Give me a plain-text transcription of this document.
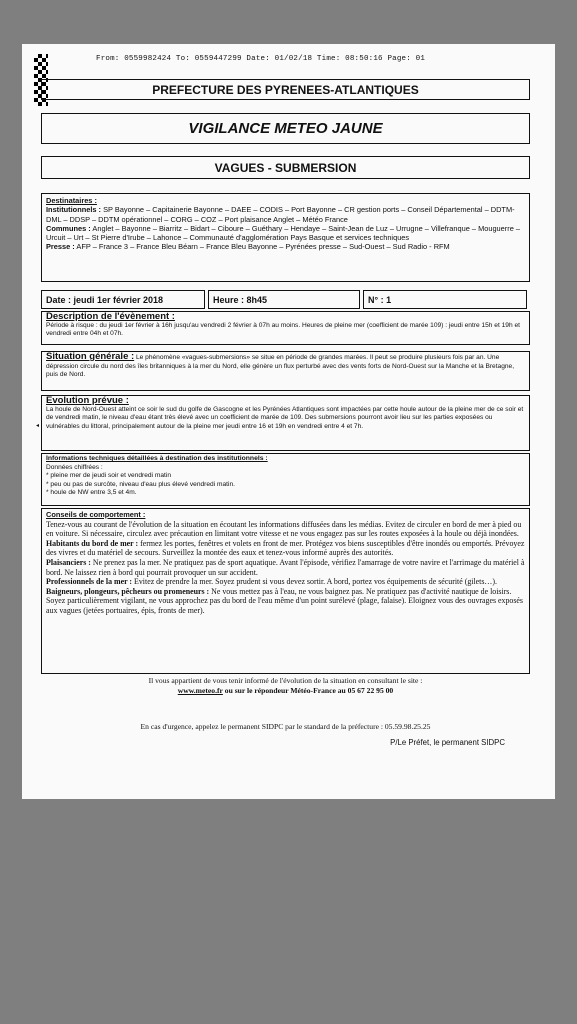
From: 0559982424 To: 0559447299 Date: 01/02/18 Time: 08:50:16 Page: 01
PREFECTURE DES PYRENEES-ATLANTIQUES
VIGILANCE METEO JAUNE
VAGUES - SUBMERSION
Destinataires :
Institutionnels : SP Bayonne – Capitainerie Bayonne – DAEE – CODIS – Port Bayonne – CR gestion ports – Conseil Départemental – DDTM-DML – DDSP – DDTM opérationnel – CORG – COZ – Port plaisance Anglet – Météo France
Communes : Anglet – Bayonne – Biarritz – Bidart – Ciboure – Guéthary – Hendaye – Saint-Jean de Luz – Urrugne – Villefranque – Mouguerre – Urcuit – Urt – St Pierre d'Irube – Lahonce – Communauté d'agglomération Pays Basque et services techniques
Presse : AFP – France 3 – France Bleu Béarn – France Bleu Bayonne – Pyrénées presse – Sud-Ouest – Sud Radio - RFM
Date : jeudi 1er février 2018	Heure : 8h45	N° : 1
Description de l'évènement :
Période à risque : du jeudi 1er février à 16h jusqu'au vendredi 2 février à 07h au moins. Heures de pleine mer (coefficient de marée 109) : jeudi entre 15h et 19h et vendredi entre 04h et 07h.
Situation générale : Le phénomène «vagues-submersions» se situe en période de grandes marées. Il peut se produire plusieurs fois par an. Une dépression circule du nord des îles britanniques à la mer du Nord, elle génère un flux perturbé avec des vents forts de Nord-Ouest sur la Manche et la Bretagne, puis de Nord.
Evolution prévue :
La houle de Nord-Ouest atteint ce soir le sud du golfe de Gascogne et les Pyrénées Atlantiques sont impactées par cette houle autour de la pleine mer de ce soir et de vendredi matin, le niveau d'eau étant très élevé avec un coefficient de marée de 109. Des submersions pourront avoir lieu sur les parties exposées ou vulnérables du littoral, principalement autour de la pleine mer jeudi entre 16 et 19h en vendredi entre 4 et 7h.
◂
Informations techniques détaillées à destination des institutionnels :
Données chiffrées :
* pleine mer de jeudi soir et vendredi matin
* peu ou pas de surcôte, niveau d'eau plus élevé vendredi matin.
* houle de NW entre 3,5 et 4m.
Conseils de comportement :
Tenez-vous au courant de l'évolution de la situation en écoutant les informations diffusées dans les médias. Evitez de circuler en bord de mer à pied ou en voiture. Si nécessaire, circulez avec précaution en limitant votre vitesse et ne vous engagez pas sur les routes exposées à la houle ou déjà inondées.
Habitants du bord de mer : fermez les portes, fenêtres et volets en front de mer. Protégez vos biens susceptibles d'être inondés ou emportés. Prévoyez des vivres et du matériel de secours. Surveillez la montée des eaux et tenez-vous informé auprès des autorités.
Plaisanciers : Ne prenez pas la mer. Ne pratiquez pas de sport aquatique. Avant l'épisode, vérifiez l'amarrage de votre navire et l'arrimage du matériel à bord. Ne laissez rien à bord qui pourrait provoquer un sur accident.
Professionnels de la mer : Evitez de prendre la mer. Soyez prudent si vous devez sortir. A bord, portez vos équipements de sécurité (gilets…).
Baigneurs, plongeurs, pêcheurs ou promeneurs : Ne vous mettez pas à l'eau, ne vous baignez pas. Ne pratiquez pas d'activité nautique de loisirs. Soyez particulièrement vigilant, ne vous approchez pas du bord de l'eau même d'un point surélevé (plage, falaise). Eloignez vous des ouvrages exposés aux vagues (jetées portuaires, épis, fronts de mer).
Il vous appartient de vous tenir informé de l'évolution de la situation en consultant le site :
www.meteo.fr ou sur le répondeur Météo-France au 05 67 22 95 00
En cas d'urgence, appelez le permanent SIDPC par le standard de la préfecture : 05.59.98.25.25
P/Le Préfet, le permanent SIDPC
